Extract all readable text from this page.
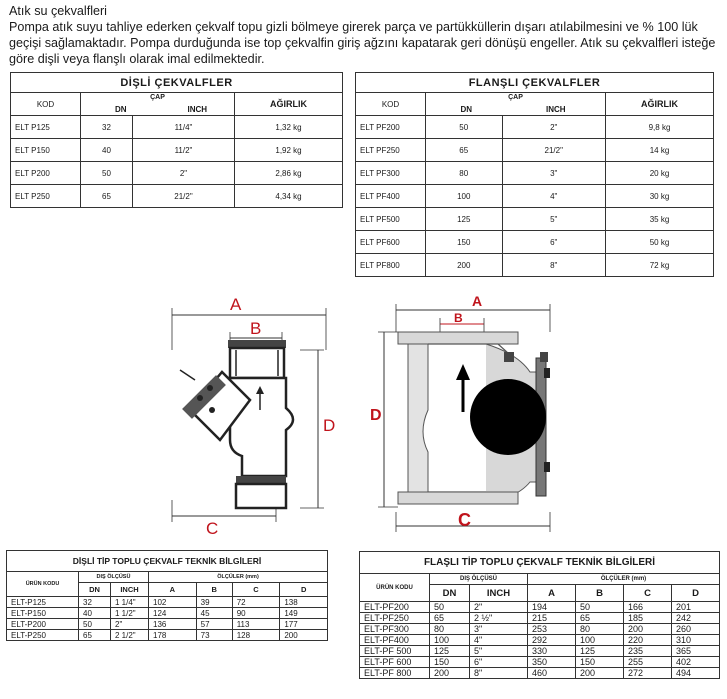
Atık su çekvalfleri
Pompa atık suyu tahliye ederken çekvalf topu gizli bölmeye girerek parça ve partükküllerin dışarı atılabilmesini ve % 100 lük geçişi sağlamaktadır. Pompa durduğunda ise top çekvalfin giriş ağzını kapatarak geri dönüşü engeller. Atık su çekvalfleri isteğe göre dişli veya flanşlı olarak imal edilmektedir.
DİŞLİ ÇEKVALFLER			
KOD	ÇAP
DN INCH		AĞIRLIK
ELT P125	32	11/4"	1,32 kg
ELT P150	40	11/2"	1,92 kg
ELT P200	50	2"	2,86 kg
ELT P250	65	21/2"	4,34 kg
FLANŞLI ÇEKVALFLER			
KOD	ÇAP
DN INCH		AĞIRLIK
ELT PF200	50	2"	9,8 kg
ELT PF250	65	21/2"	14 kg
ELT PF300	80	3"	20 kg
ELT PF400	100	4"	30 kg
ELT PF500	125	5"	35 kg
ELT PF600	150	6"	50 kg
ELT PF800	200	8"	72 kg
A
B
D
C
A
B
D
C
DİŞLİ TİP TOPLU ÇEKVALF TEKNİK BİLGİLERİ						
ÜRÜN KODU	DIŞ ÖLÇÜSÜ		ÖLÇÜLER (mm)			
	DN	INCH	A	B	C	D
ELT-P125	32	1 1/4"	102	39	72	138
ELT-P150	40	1 1/2"	124	45	90	149
ELT-P200	50	2"	136	57	113	177
ELT-P250	65	2 1/2"	178	73	128	200
FLAŞLI TİP TOPLU ÇEKVALF TEKNİK BİLGİLERİ						
ÜRÜN KODU	DIŞ ÖLÇÜSÜ		ÖLÇÜLER (mm)			
	DN	INCH	A	B	C	D
ELT-PF200	50	2"	194	50	166	201
ELT-PF250	65	2 ½"	215	65	185	242
ELT-PF300	80	3"	253	80	200	260
ELT-PF400	100	4"	292	100	220	310
ELT-PF 500	125	5"	330	125	235	365
ELT-PF 600	150	6"	350	150	255	402
ELT-PF 800	200	8"	460	200	272	494
